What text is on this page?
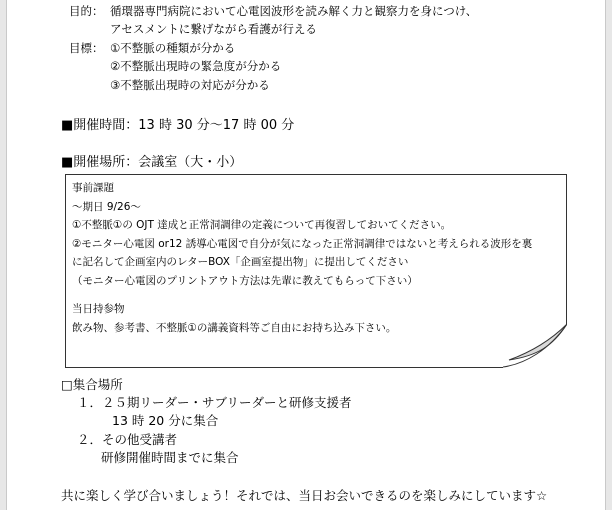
目的： 循環器専門病院において心電図波形を読み解く力と観察力を身につけ、
アセスメントに繋げながら看護が行える
目標： ①不整脈の種類が分かる
②不整脈出現時の緊急度が分かる
③不整脈出現時の対応が分かる
■開催時間：13 時 30 分～17 時 00 分
■開催場所：会議室（大・小）
事前課題
～期日 9/26～
①不整脈①の OJT 達成と正常洞調律の定義について再復習しておいてください。
②モニター心電図 or12 誘導心電図で自分が気になった正常洞調律ではないと考えられる波形を裏
に記名して企画室内のレターBOX「企画室提出物」に提出してください
（モニター心電図のプリントアウト方法は先輩に教えてもらって下さい）
当日持参物
飲み物、参考書、不整脈①の講義資料等ご自由にお持ち込み下さい。
□集合場所
１．２５期リーダー・サブリーダーと研修支援者
13 時 20 分に集合
２．その他受講者
研修開催時間までに集合
共に楽しく学び合いましょう！それでは、当日お会いできるのを楽しみにしています☆
